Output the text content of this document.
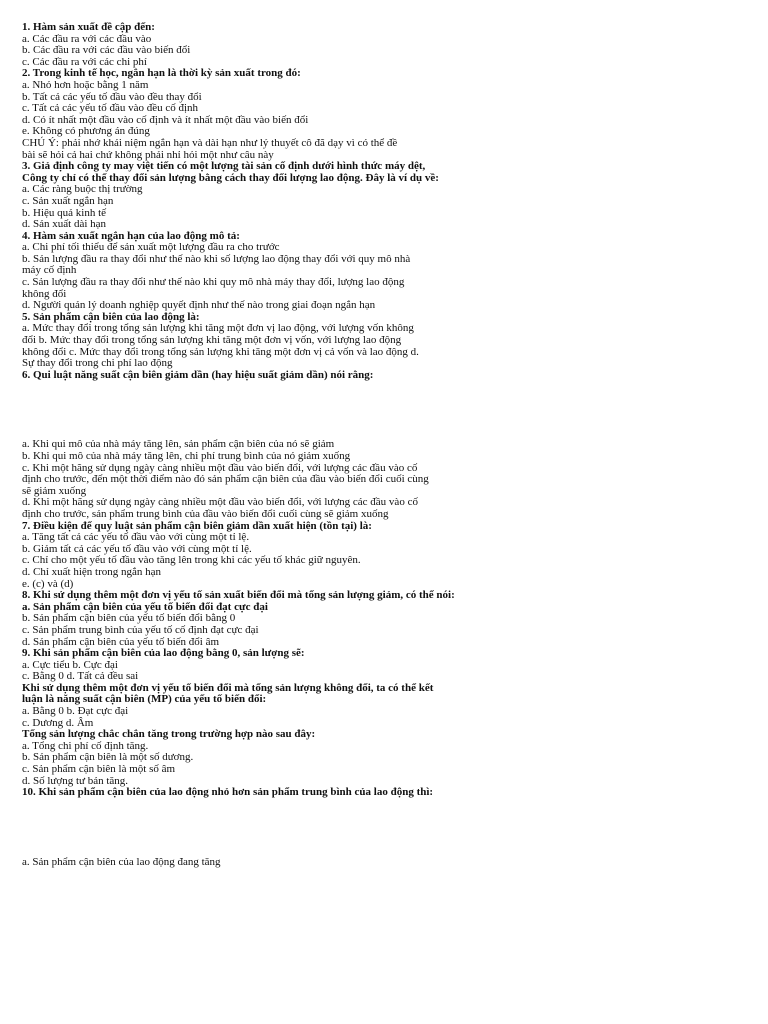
1. Hàm sản xuất đề cập đến:
a. Các đầu ra với các đầu vào
b. Các đầu ra với các đầu vào biến đổi
c. Các đầu ra với các chi phí
2. Trong kinh tế học, ngắn hạn là thời kỳ sản xuất trong đó:
a. Nhỏ hơn hoặc bằng 1 năm
b. Tất cả các yếu tố đầu vào đều thay đổi
c. Tất cả các yếu tố đầu vào đều cố định
d. Có ít nhất một đầu vào cố định và ít nhất một đầu vào biến đổi
e. Không có phương án đúng
CHÚ Ý: phải nhớ khái niệm ngắn hạn và dài hạn như lý thuyết cô đã dạy vì có thể đề
bài sẽ hỏi cả hai chứ không phải nhỉ hỏi một như câu này
3. Giả định công ty may việt tiến có một lượng tài sản cố định dưới hình thức máy dệt,
Công ty chỉ có thể thay đổi sản lượng bằng cách thay đổi lượng lao động. Đây là ví dụ về:
a. Các ràng buộc thị trường
c. Sản xuất ngắn hạn
b. Hiệu quả kinh tế
d. Sản xuất dài hạn
4. Hàm sản xuất ngắn hạn của lao động mô tả:
a. Chi phí tối thiểu để sản xuất một lượng đầu ra cho trước
b. Sản lượng đầu ra thay đổi như thế nào khi số lượng lao động thay đổi với quy mô nhà
máy cố định
c. Sản lượng đầu ra thay đổi như thế nào khi quy mô nhà máy thay đổi, lượng lao động
không đổi
d. Người quản lý doanh nghiệp quyết định như thế nào trong giai đoạn ngắn hạn
5. Sản phẩm cận biên của lao động là:
a. Mức thay đổi trong tổng sản lượng khi tăng một đơn vị lao động, với lượng vốn không
đổi b. Mức thay đổi trong tổng sản lượng khi tăng một đơn vị vốn, với lượng lao động
không đổi c. Mức thay đổi trong tổng sản lượng khi tăng một đơn vị cả vốn và lao động d.
Sự thay đổi trong chi phí lao động
6. Qui luật năng suất cận biên giảm dần (hay hiệu suất giảm dần) nói rằng:
a. Khi qui mô của nhà máy tăng lên, sản phẩm cận biên của nó sẽ giảm
b. Khi qui mô của nhà máy tăng lên, chi phí trung bình của nó giảm xuống
c. Khi một hãng sử dụng ngày càng nhiều một đầu vào biến đổi, với lượng các đầu vào cố
định cho trước, đến một thời điểm nào đó sản phẩm cận biên của đầu vào biến đổi cuối cùng
sẽ giảm xuống
d. Khi một hãng sử dụng ngày càng nhiều một đầu vào biến đổi, với lượng các đầu vào cố
định cho trước, sản phẩm trung bình của đầu vào biến đổi cuối cùng sẽ giảm xuống
7. Điều kiện để quy luật sản phẩm cận biên giảm dần xuất hiện (tồn tại) là:
a. Tăng tất cả các yếu tố đầu vào với cùng một tỉ lệ.
b. Giảm tất cả các yếu tố đầu vào với cùng một tỉ lệ.
c. Chỉ cho một yếu tố đầu vào tăng lên trong khi các yếu tố khác giữ nguyên.
d. Chỉ xuất hiện trong ngắn hạn
e. (c) và (d)
8. Khi sử dụng thêm một đơn vị yếu tố sản xuất biến đổi mà tổng sản lượng giảm, có thể nói:
a. Sản phẩm cận biên của yếu tố biến đổi đạt cực đại
b. Sản phẩm cận biên của yếu tố biến đổi bằng 0
c. Sản phẩm trung bình của yếu tố cố định đạt cực đại
d. Sản phẩm cận biên của yếu tố biến đổi âm
9. Khi sản phẩm cận biên của lao động bằng 0, sản lượng sẽ:
a. Cực tiểu b. Cực đại
c. Bằng 0 d. Tất cả đều sai
Khi sử dụng thêm một đơn vị yếu tố biến đổi mà tổng sản lượng không đổi, ta có thể kết
luận là năng suất cận biên (MP) của yếu tố biến đổi:
a. Bằng 0 b. Đạt cực đại
c. Dương d. Âm
Tổng sản lượng chắc chắn tăng trong trường hợp nào sau đây:
a. Tổng chi phí cố định tăng.
b. Sản phẩm cận biên là một số dương.
c. Sản phẩm cận biên là một số âm
d. Số lượng tư bản tăng.
10. Khi sản phẩm cận biên của lao động nhỏ hơn sản phẩm trung bình của lao động thì:
a. Sản phẩm cận biên của lao động đang tăng
